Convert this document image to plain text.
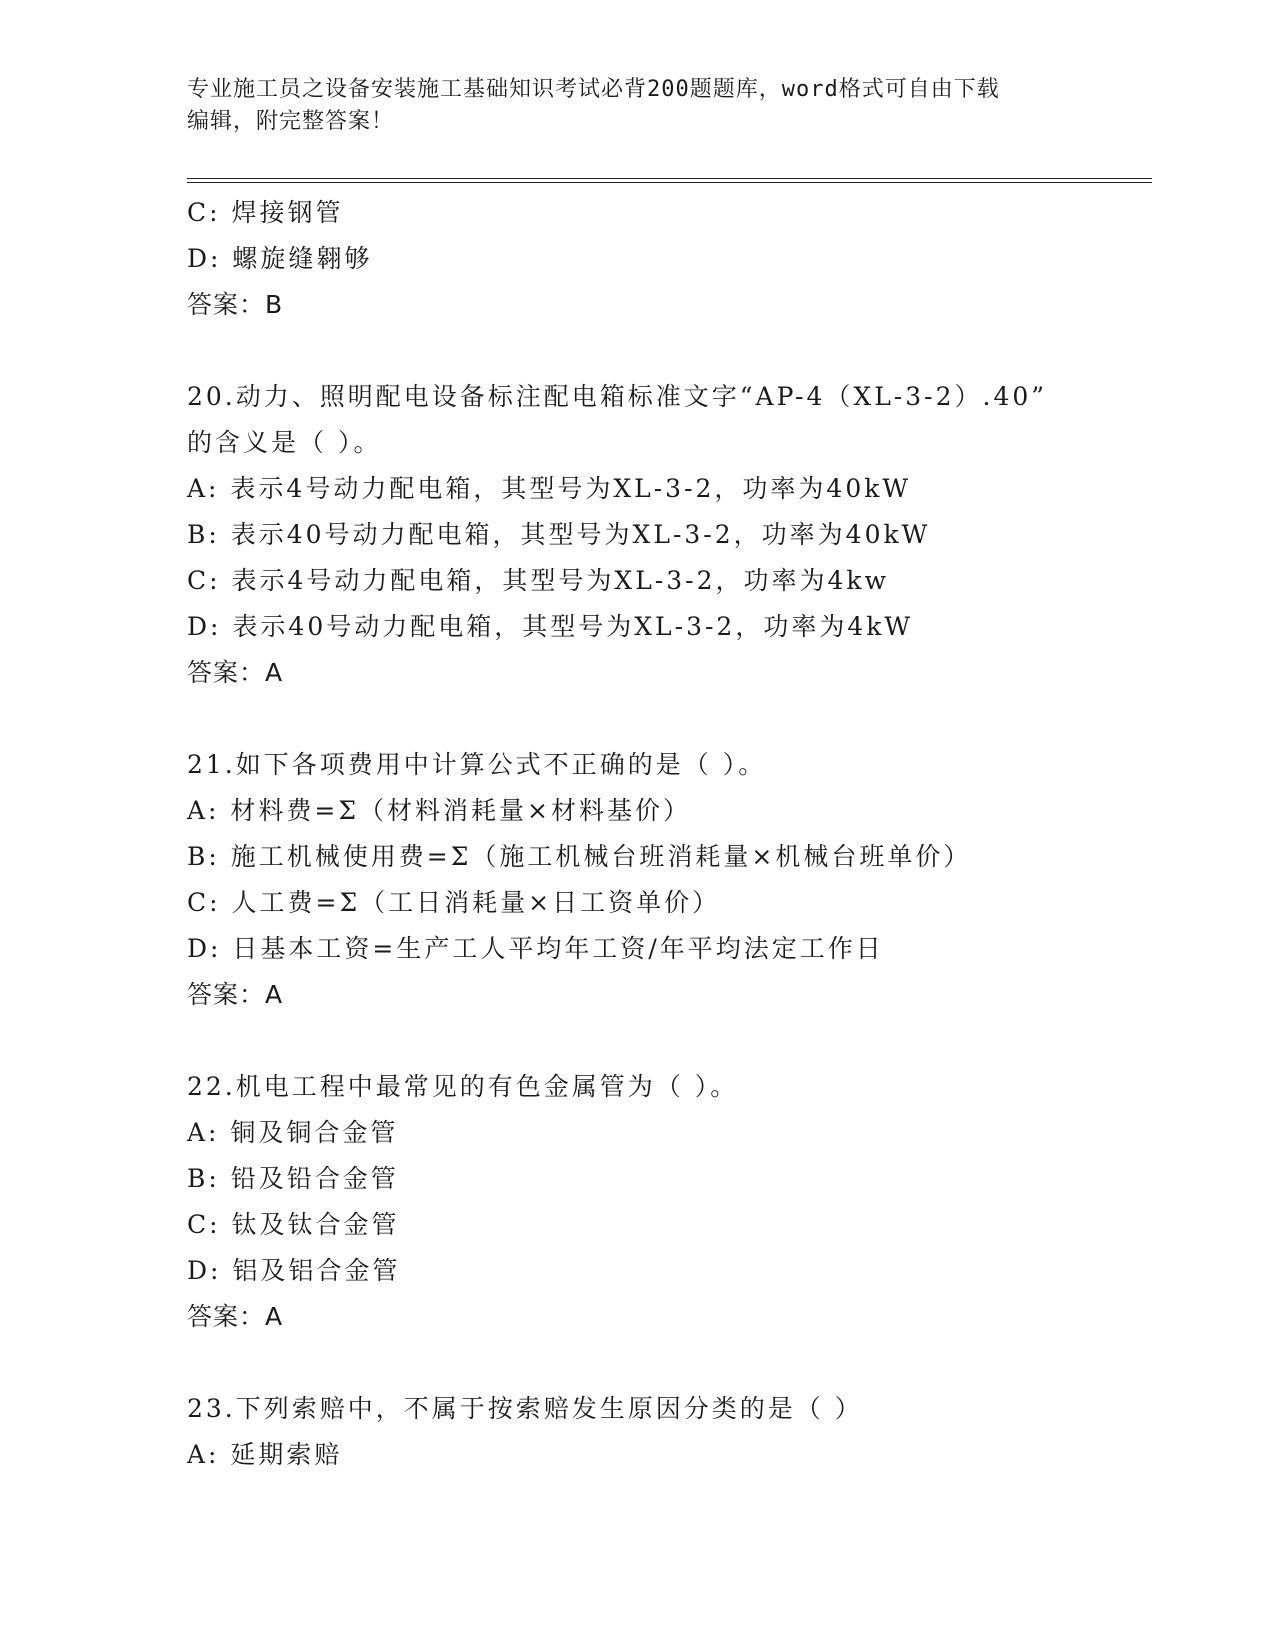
专业施工员之设备安装施工基础知识考试必背200题题库，word格式可自由下载
编辑，附完整答案！
C: 焊接钢管
D: 螺旋缝翱够
答案：B
20.动力、照明配电设备标注配电箱标准文字“AP-4（XL-3-2）.40”
的含义是（ ）。
A: 表示4号动力配电箱，其型号为XL-3-2，功率为40kW
B: 表示40号动力配电箱，其型号为XL-3-2，功率为40kW
C: 表示4号动力配电箱，其型号为XL-3-2，功率为4kw
D: 表示40号动力配电箱，其型号为XL-3-2，功率为4kW
答案：A
21.如下各项费用中计算公式不正确的是（ ）。
A: 材料费=Σ（材料消耗量×材料基价）
B: 施工机械使用费=Σ（施工机械台班消耗量×机械台班单价）
C: 人工费=Σ（工日消耗量×日工资单价）
D: 日基本工资=生产工人平均年工资/年平均法定工作日
答案：A
22.机电工程中最常见的有色金属管为（ ）。
A: 铜及铜合金管
B: 铅及铅合金管
C: 钛及钛合金管
D: 铝及铝合金管
答案：A
23.下列索赔中，不属于按索赔发生原因分类的是（ ）
A: 延期索赔
